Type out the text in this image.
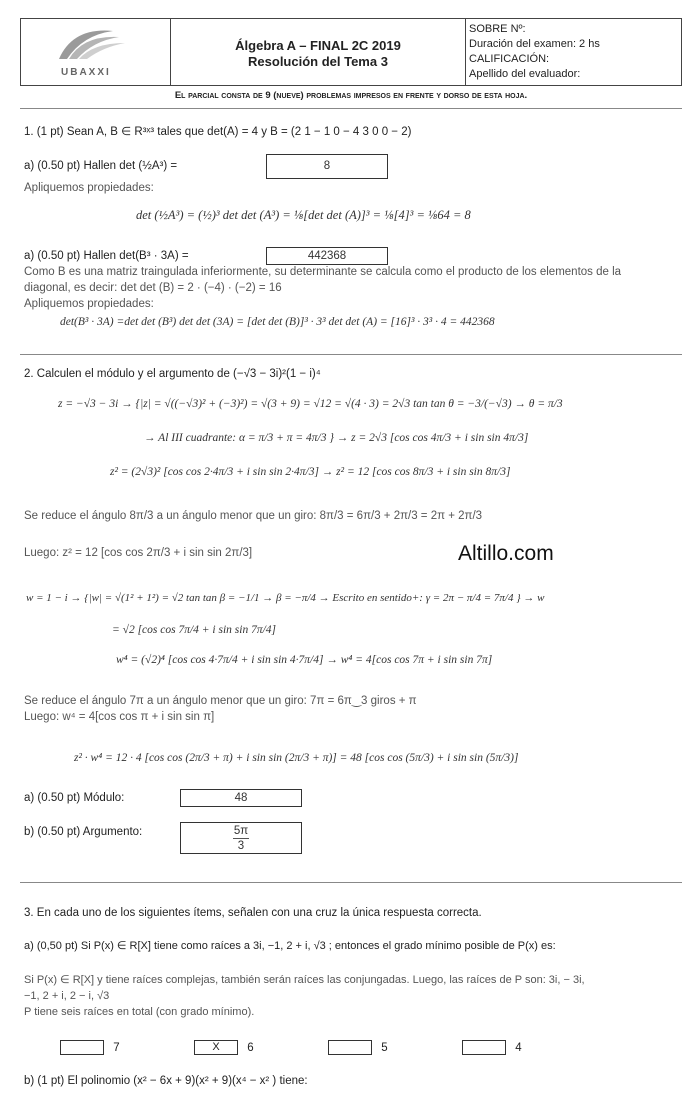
UBAXXI
Álgebra A – FINAL 2C 2019
Resolución del Tema 3
SOBRE Nº:
Duración del examen: 2 hs
CALIFICACIÓN:
Apellido del evaluador:
El parcial consta de 9 (nueve) problemas impresos en frente y dorso de esta hoja.
1. (1 pt) Sean A, B ∈ R³ˣ³ tales que det(A) = 4 y B = (2 1 − 1 0 − 4 3 0 0 − 2)
a) (0.50 pt) Hallen det (½A³) =	8
Apliquemos propiedades:
det (½A³) = (½)³ det det (A³) = ⅛[det det (A)]³ = ⅛[4]³ = ⅛64 = 8
a) (0.50 pt) Hallen det(B³ · 3A) =	442368
Como B es una matriz traingulada inferiormente, su determinante se calcula como el producto de los elementos de la
diagonal, es decir: det det (B) = 2 · (−4) · (−2) = 16
Apliquemos propiedades:
det(B³ · 3A) =det det (B³) det det (3A) = [det det (B)]³ · 3³ det det (A) = [16]³ · 3³ · 4 = 442368
2. Calculen el módulo y el argumento de (−√3 − 3i)²(1 − i)⁴
z = −√3 − 3i → {|z| = √((−√3)² + (−3)²) = √(3 + 9) = √12 = √(4 · 3) = 2√3 tan tan θ = −3/(−√3) → θ = π/3
→ Al III cuadrante: α = π/3 + π = 4π/3 } → z = 2√3 [cos cos 4π/3 + i sin sin 4π/3]
z² = (2√3)² [cos cos 2·4π/3 + i sin sin 2·4π/3] → z² = 12 [cos cos 8π/3 + i sin sin 8π/3]
Se reduce el ángulo 8π/3 a un ángulo menor que un giro: 8π/3 = 6π/3 + 2π/3 = 2π + 2π/3
Luego: z² = 12 [cos cos 2π/3 + i sin sin 2π/3]	Altillo.com
w = 1 − i → {|w| = √(1² + 1²) = √2 tan tan β = −1/1 → β = −π/4 → Escrito en sentido+: γ = 2π − π/4 = 7π/4 } → w
= √2 [cos cos 7π/4 + i sin sin 7π/4]
w⁴ = (√2)⁴ [cos cos 4·7π/4 + i sin sin 4·7π/4] → w⁴ = 4[cos cos 7π + i sin sin 7π]
Se reduce el ángulo 7π a un ángulo menor que un giro: 7π = 6π‿3 giros + π
Luego: w⁴ = 4[cos cos π + i sin sin π]
z² · w⁴ = 12 · 4 [cos cos (2π/3 + π) + i sin sin (2π/3 + π)] = 48 [cos cos (5π/3) + i sin sin (5π/3)]
a) (0.50 pt) Módulo:	48
b) (0.50 pt) Argumento:	5π
3
3. En cada uno de los siguientes ítems, señalen con una cruz la única respuesta correcta.
a) (0,50 pt) Si P(x) ∈ R[X] tiene como raíces a 3i, −1, 2 + i, √3 ; entonces el grado mínimo posible de P(x) es:
Si P(x) ∈ R[X] y tiene raíces complejas, también serán raíces las conjungadas. Luego, las raíces de P son: 3i, − 3i,
−1, 2 + i, 2 − i, √3
P tiene seis raíces en total (con grado mínimo).
7	X 6	5	4
b) (1 pt) El polinomio (x² − 6x + 9)(x² + 9)(x⁴ − x² ) tiene:
